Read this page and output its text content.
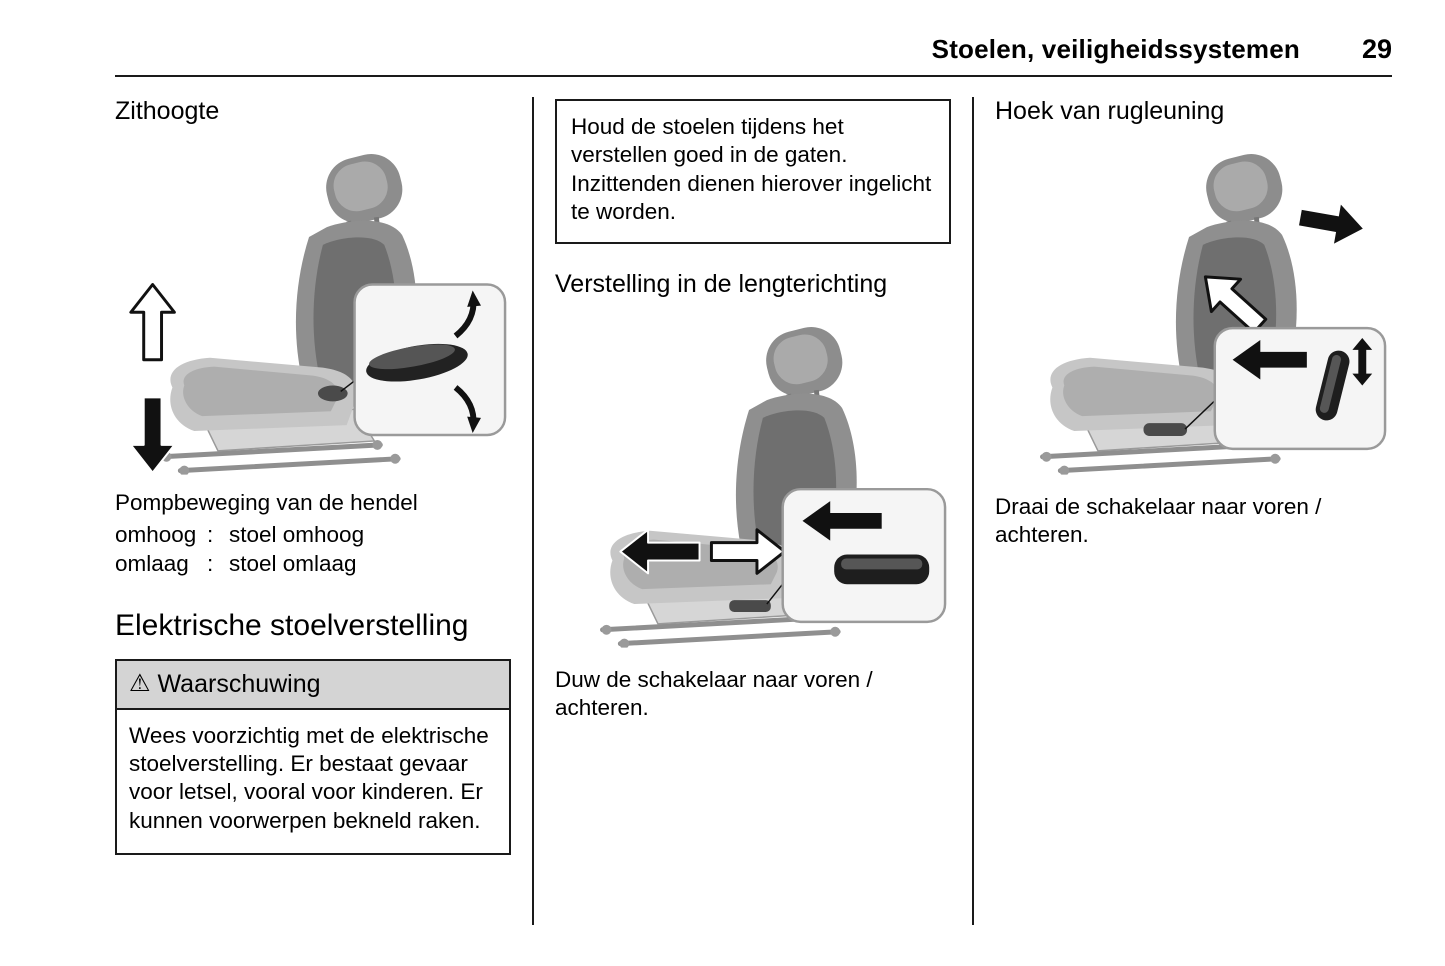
Stoelen, veiligheidssystemen 29
Zithoogte

Pompbeweging van de hendel

omhoog : stoel omhoog
omlaag : stoel omlaag
Elektrische stoelverstelling
⚠ Waarschuwing
Wees voorzichtig met de elektrische stoelverstelling. Er bestaat gevaar voor letsel, vooral voor kinderen. Er kunnen voorwerpen bekneld raken.
Houd de stoelen tijdens het verstellen goed in de gaten. Inzittenden dienen hierover ingelicht te worden.
Verstelling in de lengterichting

Duw de schakelaar naar voren / achteren.

Hoek van rugleuning

Draai de schakelaar naar voren / achteren.
